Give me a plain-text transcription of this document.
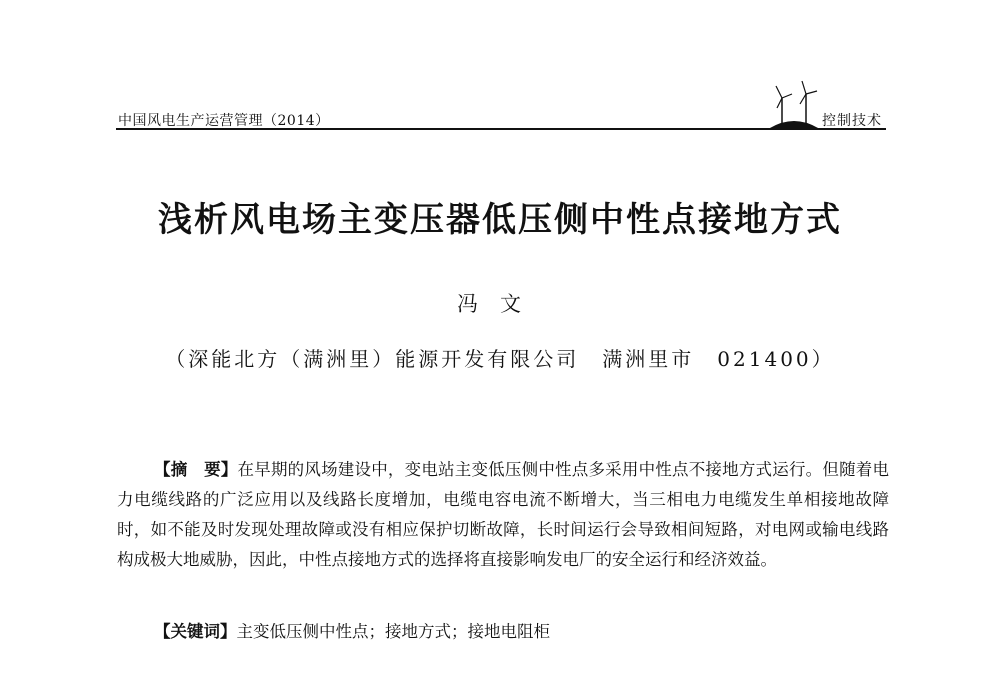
中国风电生产运营管理（2014）	控制技术
浅析风电场主变压器低压侧中性点接地方式
冯文
（深能北方（满洲里）能源开发有限公司　满洲里市　021400）
【摘　要】在早期的风场建设中，变电站主变低压侧中性点多采用中性点不接地方式运行。但随着电力电缆线路的广泛应用以及线路长度增加，电缆电容电流不断增大，当三相电力电缆发生单相接地故障时，如不能及时发现处理故障或没有相应保护切断故障，长时间运行会导致相间短路，对电网或输电线路构成极大地威胁，因此，中性点接地方式的选择将直接影响发电厂的安全运行和经济效益。
【关键词】主变低压侧中性点；接地方式；接地电阻柜
